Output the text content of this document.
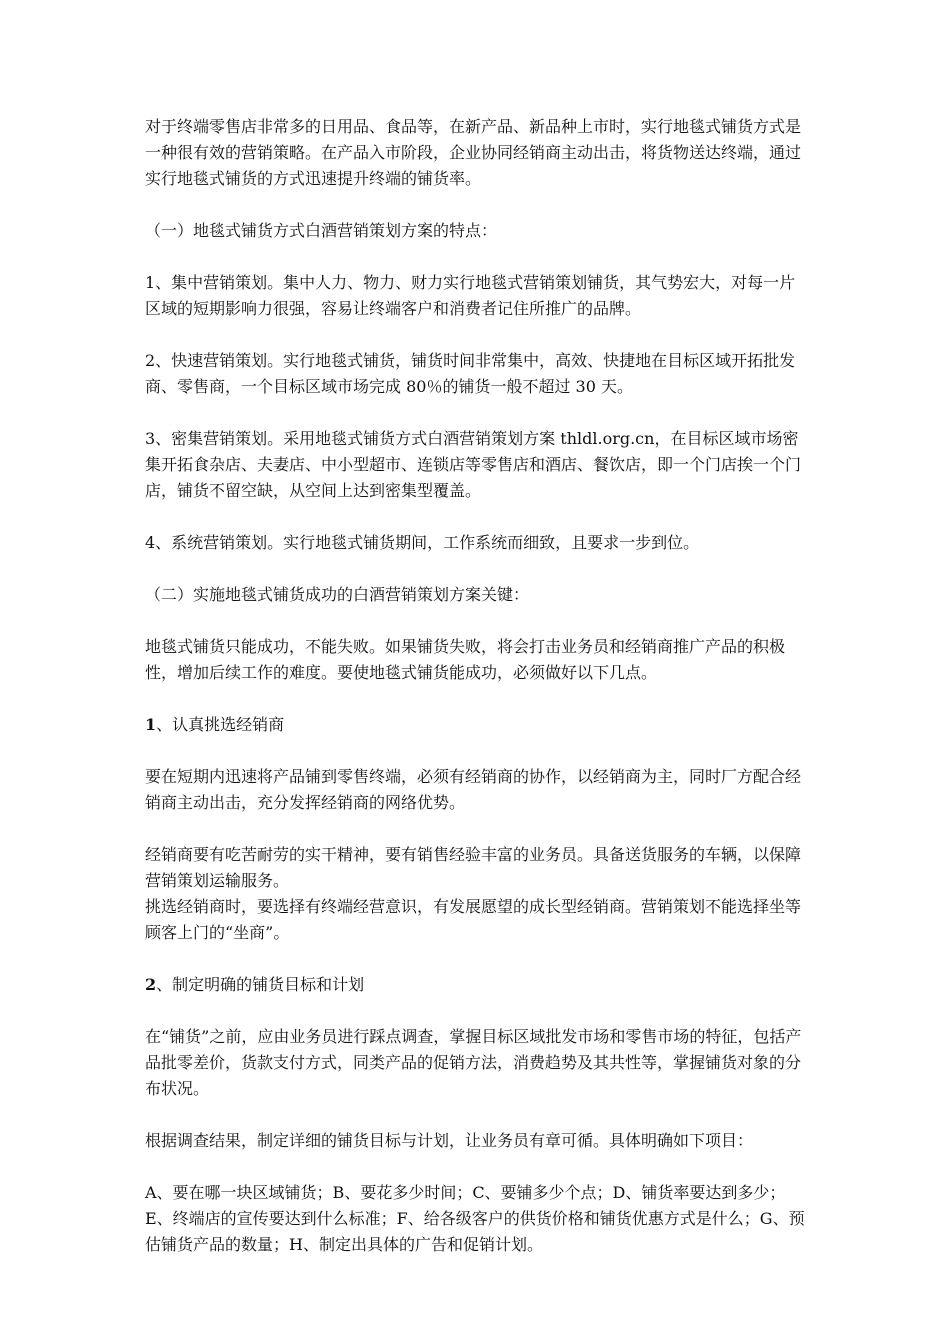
对于终端零售店非常多的日用品、食品等，在新产品、新品种上市时，实行地毯式铺货方式是一种很有效的营销策略。在产品入市阶段，企业协同经销商主动出击，将货物送达终端，通过实行地毯式铺货的方式迅速提升终端的铺货率。

（一）地毯式铺货方式白酒营销策划方案的特点：

1、集中营销策划。集中人力、物力、财力实行地毯式营销策划铺货，其气势宏大，对每一片区域的短期影响力很强，容易让终端客户和消费者记住所推广的品牌。

2、快速营销策划。实行地毯式铺货，铺货时间非常集中，高效、快捷地在目标区域开拓批发商、零售商，一个目标区域市场完成 80％的铺货一般不超过 30 天。

3、密集营销策划。采用地毯式铺货方式白酒营销策划方案 thldl.org.cn，在目标区域市场密集开拓食杂店、夫妻店、中小型超市、连锁店等零售店和酒店、餐饮店，即一个门店挨一个门店，铺货不留空缺，从空间上达到密集型覆盖。

4、系统营销策划。实行地毯式铺货期间，工作系统而细致，且要求一步到位。

（二）实施地毯式铺货成功的白酒营销策划方案关键：

地毯式铺货只能成功，不能失败。如果铺货失败，将会打击业务员和经销商推广产品的积极性，增加后续工作的难度。要使地毯式铺货能成功，必须做好以下几点。

1、认真挑选经销商

要在短期内迅速将产品铺到零售终端，必须有经销商的协作，以经销商为主，同时厂方配合经销商主动出击，充分发挥经销商的网络优势。

经销商要有吃苦耐劳的实干精神，要有销售经验丰富的业务员。具备送货服务的车辆，以保障营销策划运输服务。

挑选经销商时，要选择有终端经营意识，有发展愿望的成长型经销商。营销策划不能选择坐等顾客上门的“坐商”。

2、制定明确的铺货目标和计划

在“铺货”之前，应由业务员进行踩点调查，掌握目标区域批发市场和零售市场的特征，包括产品批零差价，货款支付方式，同类产品的促销方法，消费趋势及其共性等，掌握铺货对象的分布状况。

根据调查结果，制定详细的铺货目标与计划，让业务员有章可循。具体明确如下项目：

A、要在哪一块区域铺货；B、要花多少时间；C、要铺多少个点；D、铺货率要达到多少；E、终端店的宣传要达到什么标准；F、给各级客户的供货价格和铺货优惠方式是什么；G、预估铺货产品的数量；H、制定出具体的广告和促销计划。
